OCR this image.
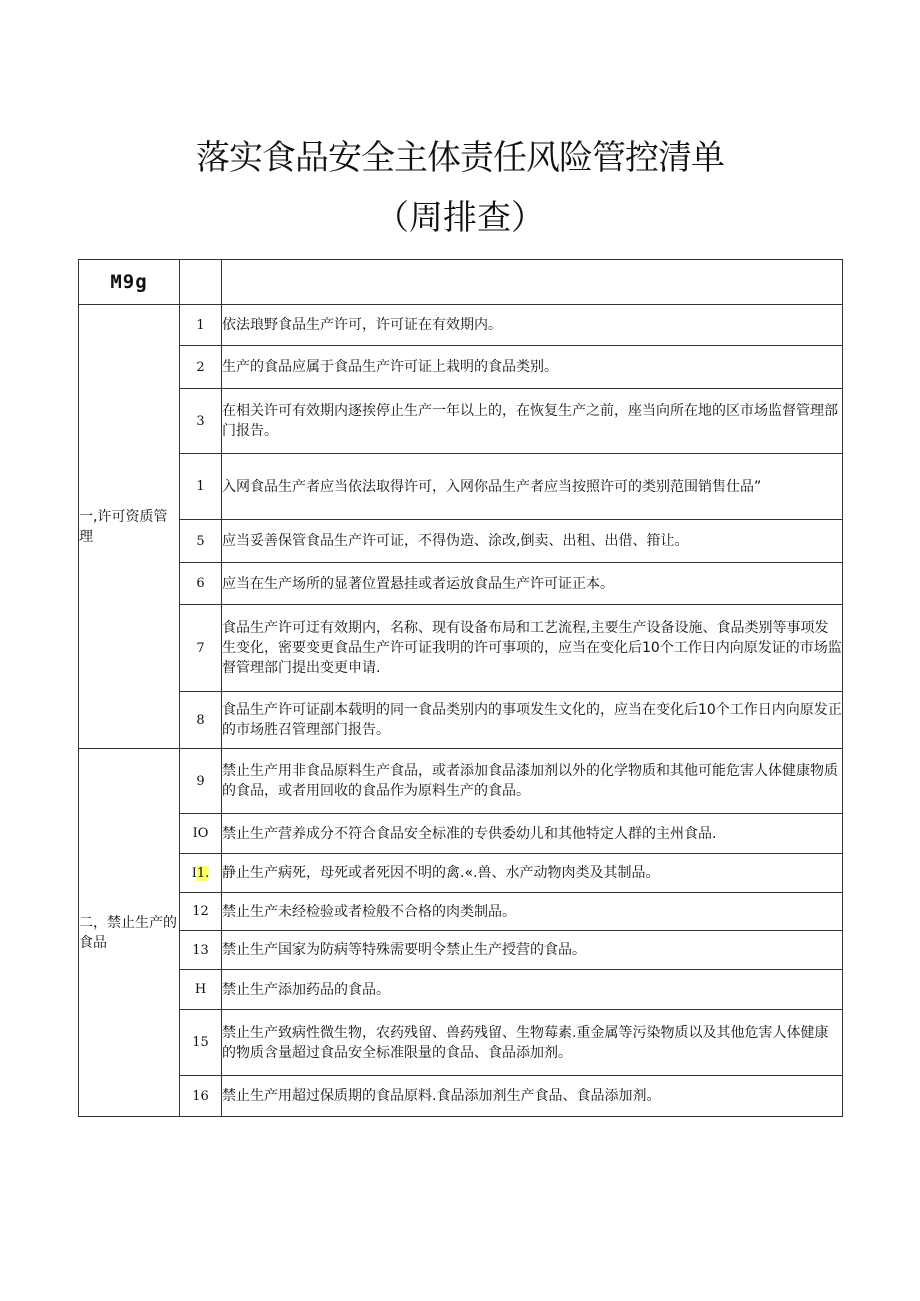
落实食品安全主体责任风险管控清单
（周排查）
M9g		
一,许可资质管理	1	依法琅野食品生产许可，许可证在有效期内。
	2	生产的食品应属于食品生产许可证上栽明的食品类别。
	3	在相关许可有效期内逐挨停止生产一年以上的，在恢复生产之前，座当向所在地的区市场监督管理部门报告。
	1	入网食品生产者应当依法取得许可，入网你品生产者应当按照许可的类别范围销售仕品”
	5	应当妥善保管食品生产许可证，不得伪造、涂改,倒卖、出租、出借、箝让。
	6	应当在生产场所的显著位置悬挂或者运放食品生产许可证正本。
	7	食品生产许可迂有效期内，名称、现有设备布局和工艺流程,主要生产设备设施、食品类别等事项发生变化，密要变更食品生产许可证我明的许可事项的，应当在变化后10个工作日内向原发证的市场监督管理部门提出变更申请.
	8	食品生产许可证副本载明的同一食品类别内的事项发生文化的，应当在变化后10个工作日内向原发正的市场胜召管理部门报告。
二，禁止生产的食品	9	禁止生产用非食品原料生产食品，或者添加食品漆加剂以外的化学物质和其他可能危害人体健康物质的食品，或者用回收的食品作为原料生产的食品。
	IO	禁止生产营养成分不符合食品安全标准的专供委幼儿和其他特定人群的主州食品.
	I1.	静止生产病死，母死或者死因不明的禽.«.兽、水产动物肉类及其制品。
	12	禁止生产未经检验或者检般不合格的肉类制品。
	13	禁止生产国家为防病等特殊需要明令禁止生产授营的食品。
	H	禁止生产添加药品的食品。
	15	禁止生产致病性微生物，农药残留、兽药残留、生物莓素.重金属等污染物质以及其他危害人体健康的物质含量超过食品安全标准限量的食品、食品添加剂。
	16	禁止生产用超过保质期的食品原料.食品添加剂生产食品、食品添加剂。
